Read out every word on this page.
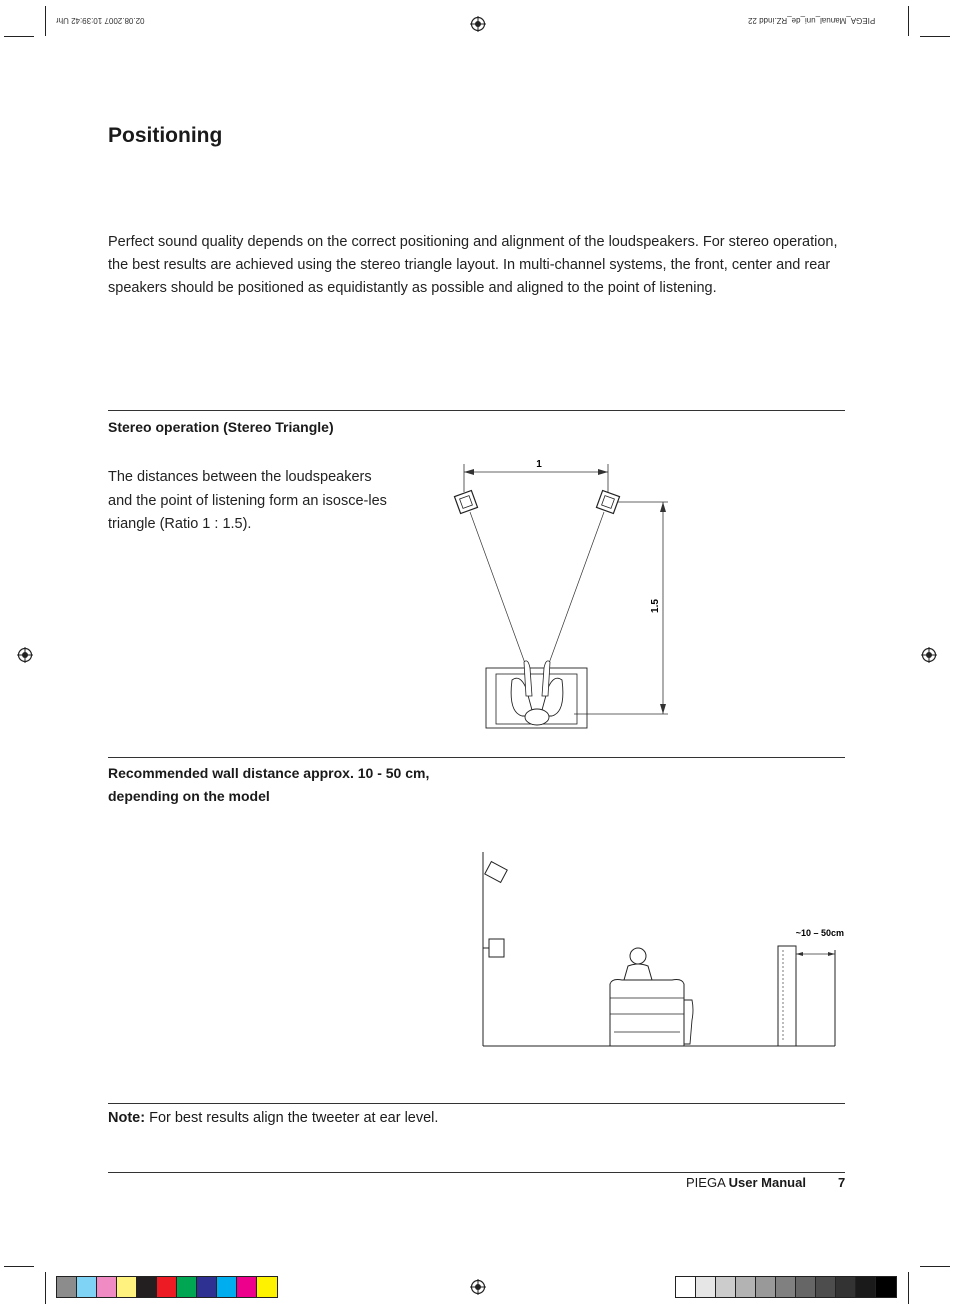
02.08.2007 10:39:42 Uhr	PIEGA_Manual_uni_de_RZ.indd 22
Positioning

Perfect sound quality depends on the correct positioning and alignment of the loudspeakers. For stereo operation, the best results are achieved using the stereo triangle layout. In multi-channel systems, the front, center and rear speakers should be positioned as equidistantly as possible and aligned to the point of listening.

Stereo operation (Stereo Triangle)

The distances between the loudspeakers and the point of listening form an isosce-les triangle (Ratio 1 : 1.5).

1
1.5

Recommended wall distance approx. 10 - 50 cm,

depending on the model

~10 – 50cm

Note: For best results align the tweeter at ear level.

PIEGA User Manual 7
